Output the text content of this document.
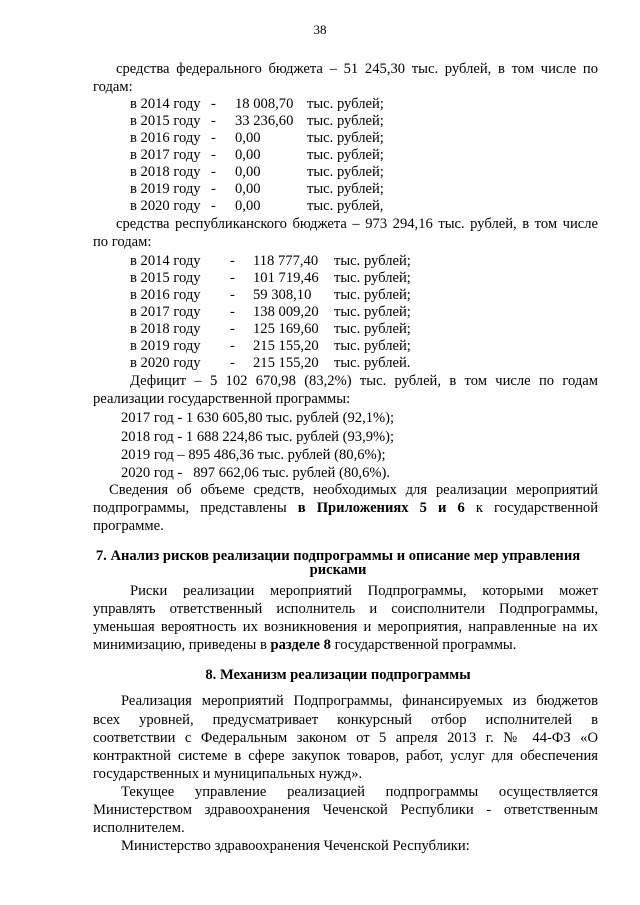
38
средства федерального бюджета – 51 245,30 тыс. рублей, в том числе по
годам:
в 2014 году - 18 008,70 тыс. рублей;
в 2015 году - 33 236,60 тыс. рублей;
в 2016 году - 0,00	тыс. рублей;
в 2017 году - 0,00	тыс. рублей;
в 2018 году - 0,00	тыс. рублей;
в 2019 году - 0,00	тыс. рублей;
в 2020 году - 0,00	тыс. рублей,
средства республиканского бюджета – 973 294,16 тыс. рублей, в том числе
по годам:
в 2014 году - 118 777,40 тыс. рублей;
в 2015 году - 101 719,46 тыс. рублей;
в 2016 году - 59 308,10 тыс. рублей;
в 2017 году - 138 009,20 тыс. рублей;
в 2018 году - 125 169,60 тыс. рублей;
в 2019 году - 215 155,20 тыс. рублей;
в 2020 году - 215 155,20 тыс. рублей.
Дефицит – 5 102 670,98 (83,2%) тыс. рублей, в том числе по годам
реализации государственной программы:
2017 год - 1 630 605,80 тыс. рублей (92,1%);
2018 год - 1 688 224,86 тыс. рублей (93,9%);
2019 год – 895 486,36 тыс. рублей (80,6%);
2020 год -   897 662,06 тыс. рублей (80,6%).
Сведения об объеме средств, необходимых для реализации мероприятий
подпрограммы, представлены в Приложениях 5 и 6 к государственной
программе.
7. Анализ рисков реализации подпрограммы и описание мер управления
рисками
Риски реализации мероприятий Подпрограммы, которыми может
управлять ответственный исполнитель и соисполнители Подпрограммы,
уменьшая вероятность их возникновения и мероприятия, направленные на их
минимизацию, приведены в разделе 8 государственной программы.
8. Механизм реализации подпрограммы
Реализация мероприятий Подпрограммы, финансируемых из бюджетов
всех уровней, предусматривает конкурсный отбор исполнителей в
соответствии с Федеральным законом от 5 апреля 2013 г. № 44-ФЗ «О
контрактной системе в сфере закупок товаров, работ, услуг для обеспечения
государственных и муниципальных нужд».
Текущее управление реализацией подпрограммы осуществляется
Министерством здравоохранения Чеченской Республики - ответственным
исполнителем.
Министерство здравоохранения Чеченской Республики:
